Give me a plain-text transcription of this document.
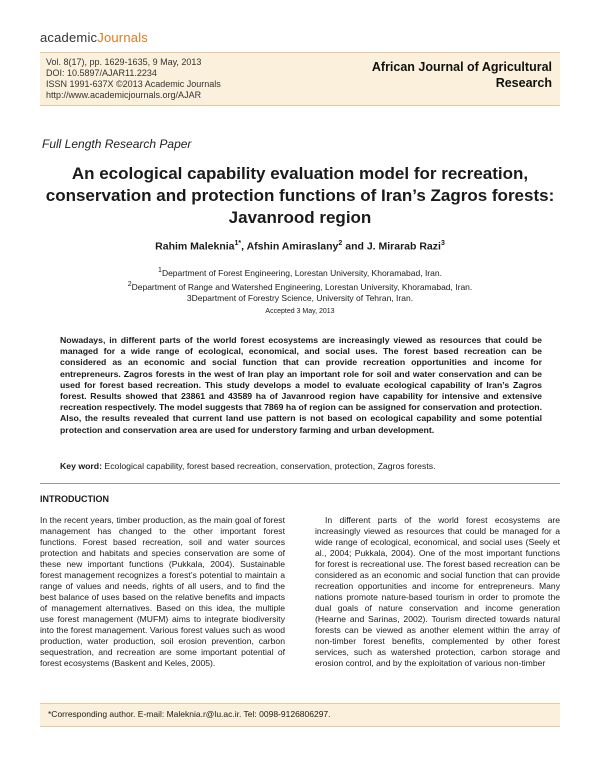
academicJournals
Vol. 8(17), pp. 1629-1635, 9 May, 2013
DOI: 10.5897/AJAR11.2234
ISSN 1991-637X ©2013 Academic Journals
http://www.academicjournals.org/AJAR
African Journal of Agricultural Research
Full Length Research Paper
An ecological capability evaluation model for recreation, conservation and protection functions of Iran’s Zagros forests: Javanrood region
Rahim Maleknia$^{1*}$, Afshin Amiraslany$^2$ and J. Mirarab Razi$^3$
$^1$Department of Forest Engineering, Lorestan University, Khoramabad, Iran.
$^2$Department of Range and Watershed Engineering, Lorestan University, Khoramabad, Iran.
3Department of Forestry Science, University of Tehran, Iran.
Accepted 3 May, 2013
Nowadays, in different parts of the world forest ecosystems are increasingly viewed as resources that could be managed for a wide range of ecological, economical, and social uses. The forest based recreation can be considered as an economic and social function that can provide recreation opportunities and income for entrepreneurs. Zagros forests in the west of Iran play an important role for soil and water conservation and can be used for forest based recreation. This study develops a model to evaluate ecological capability of Iran’s Zagros forest. Results showed that 23861 and 43589 ha of Javanrood region have capability for intensive and extensive recreation respectively. The model suggests that 7869 ha of region can be assigned for conservation and protection. Also, the results revealed that current land use pattern is not based on ecological capability and some potential protection and conservation area are used for understory farming and urban development.
Key word: Ecological capability, forest based recreation, conservation, protection, Zagros forests.
INTRODUCTION
In the recent years, timber production, as the main goal of forest management has changed to the other important forest functions. Forest based recreation, soil and water sources protection and habitats and species conservation are some of these new important functions (Pukkala, 2004). Sustainable forest management recognizes a forest’s potential to maintain a range of values and needs, rights of all users, and to find the best balance of uses based on the relative benefits and impacts of management alternatives. Based on this idea, the multiple use forest management (MUFM) aims to integrate biodiversity into the forest management. Various forest values such as wood production, water production, soil erosion prevention, carbon sequestration, and recreation are some important potential of forest ecosystems (Baskent and Keles, 2005).
In different parts of the world forest ecosystems are increasingly viewed as resources that could be managed for a wide range of ecological, economical, and social uses (Seely et al., 2004; Pukkala, 2004). One of the most important functions for forest is recreational use. The forest based recreation can be considered as an economic and social function that can provide recreation opportunities and income for entrepreneurs. Many nations promote nature-based tourism in order to promote the dual goals of nature conservation and income generation (Hearne and Sarinas, 2002). Tourism directed towards natural forests can be viewed as another element within the array of non-timber forest benefits, complemented by other forest services, such as watershed protection, carbon storage and erosion control, and by the exploitation of various non-timber
*Corresponding author. E-mail: Maleknia.r@lu.ac.ir. Tel: 0098-9126806297.
